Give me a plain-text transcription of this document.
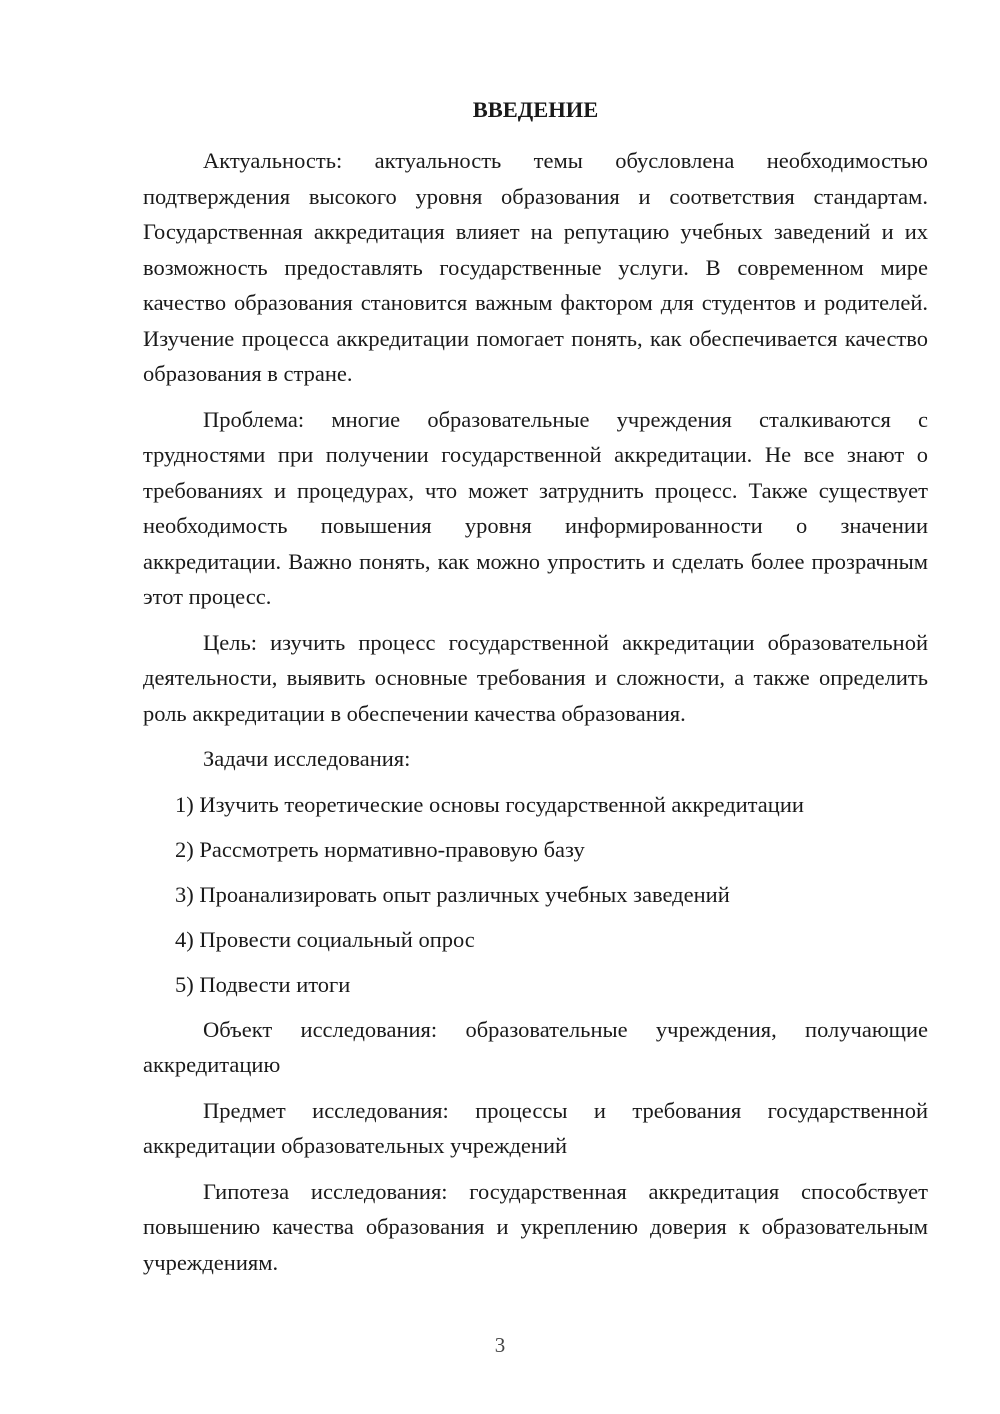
ВВЕДЕНИЕ

Актуальность: актуальность темы обусловлена необходимостью подтверждения высокого уровня образования и соответствия стандартам. Государственная аккредитация влияет на репутацию учебных заведений и их возможность предоставлять государственные услуги. В современном мире качество образования становится важным фактором для студентов и родителей. Изучение процесса аккредитации помогает понять, как обеспечивается качество образования в стране.

Проблема: многие образовательные учреждения сталкиваются с трудностями при получении государственной аккредитации. Не все знают о требованиях и процедурах, что может затруднить процесс. Также существует необходимость повышения уровня информированности о значении аккредитации. Важно понять, как можно упростить и сделать более прозрачным этот процесс.

Цель: изучить процесс государственной аккредитации образовательной деятельности, выявить основные требования и сложности, а также определить роль аккредитации в обеспечении качества образования.

Задачи исследования:

1) Изучить теоретические основы государственной аккредитации
2) Рассмотреть нормативно-правовую базу
3) Проанализировать опыт различных учебных заведений
4) Провести социальный опрос
5) Подвести итоги

Объект исследования: образовательные учреждения, получающие аккредитацию

Предмет исследования: процессы и требования государственной аккредитации образовательных учреждений

Гипотеза исследования: государственная аккредитация способствует повышению качества образования и укреплению доверия к образовательным учреждениям.

3
